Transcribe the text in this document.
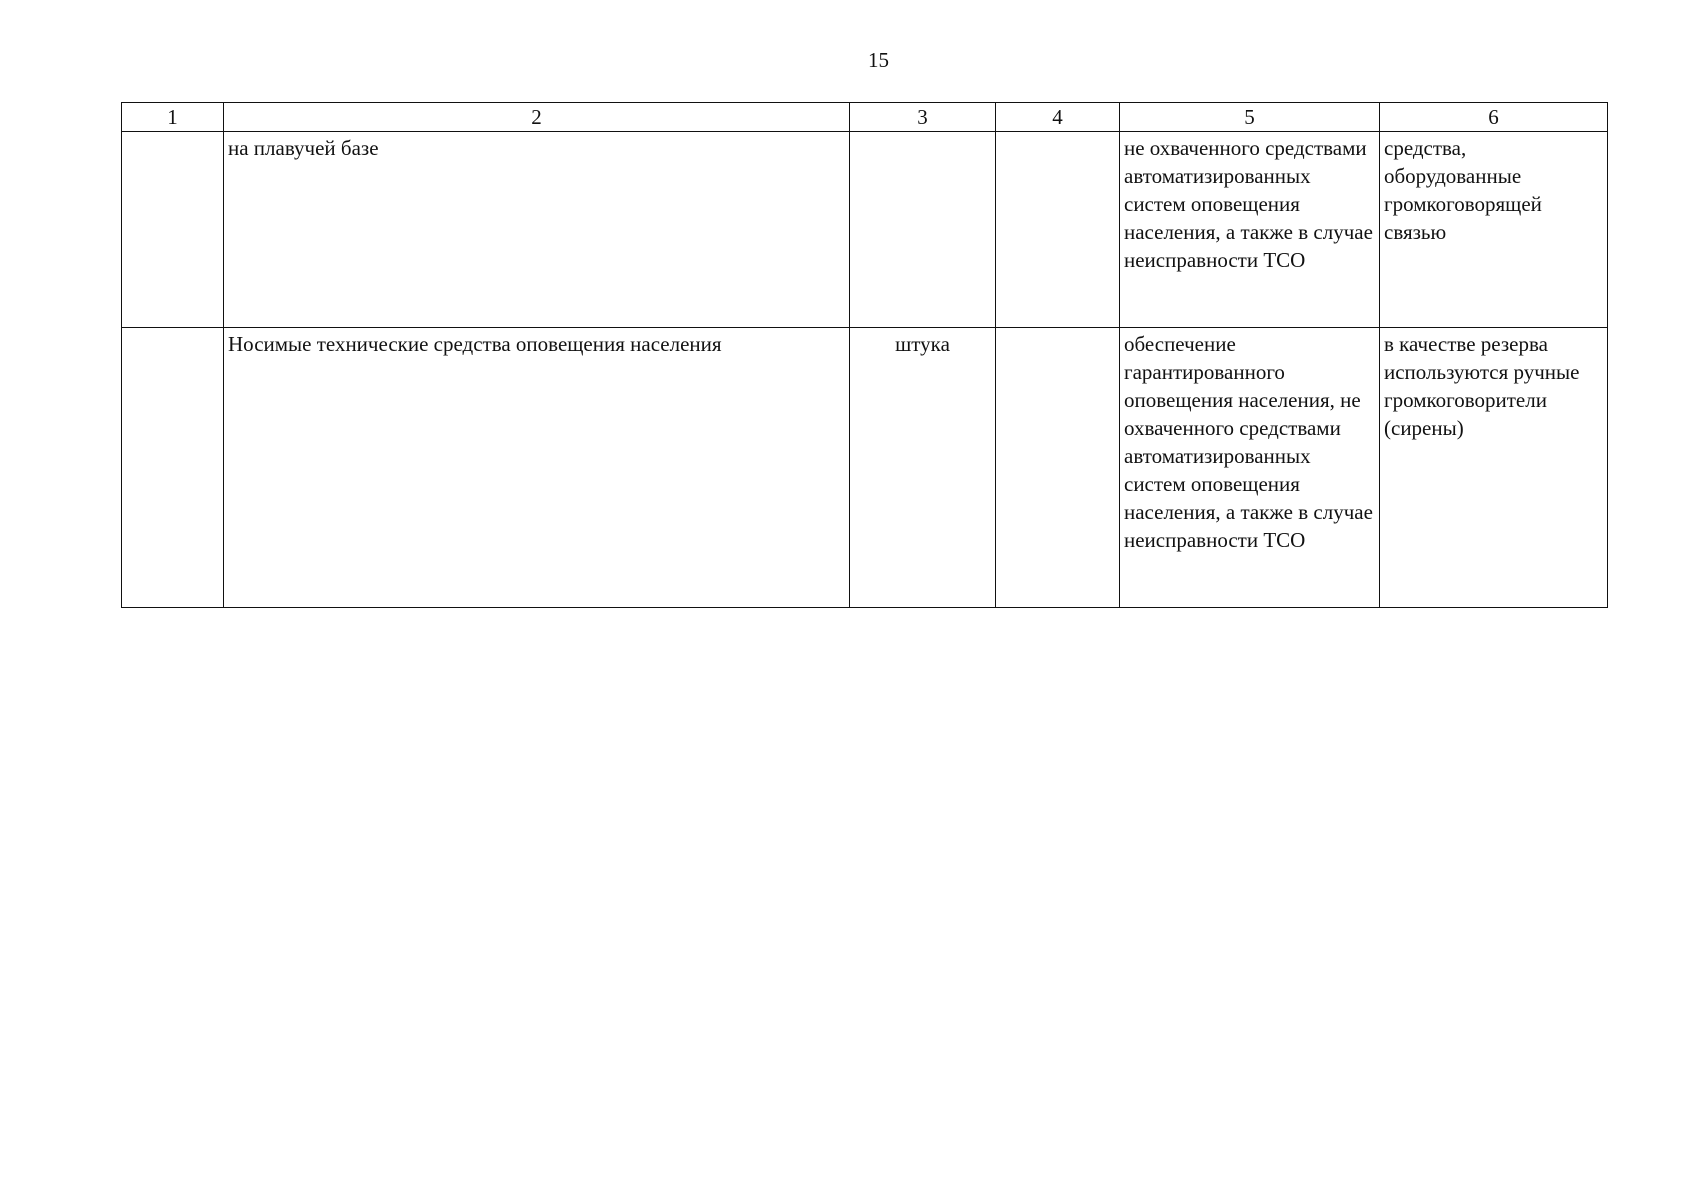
15
1	2	3	4	5	6
	на плавучей базе			не охваченного средствами автоматизированных систем оповещения населения, а также в случае неисправности ТСО	средства, оборудованные громкоговорящей связью
	Носимые технические средства оповещения населения	штука		обеспечение гарантированного оповещения населения, не охваченного средствами автоматизированных систем оповещения населения, а также в случае неисправности ТСО	в качестве резерва используются ручные громкоговорители (сирены)
